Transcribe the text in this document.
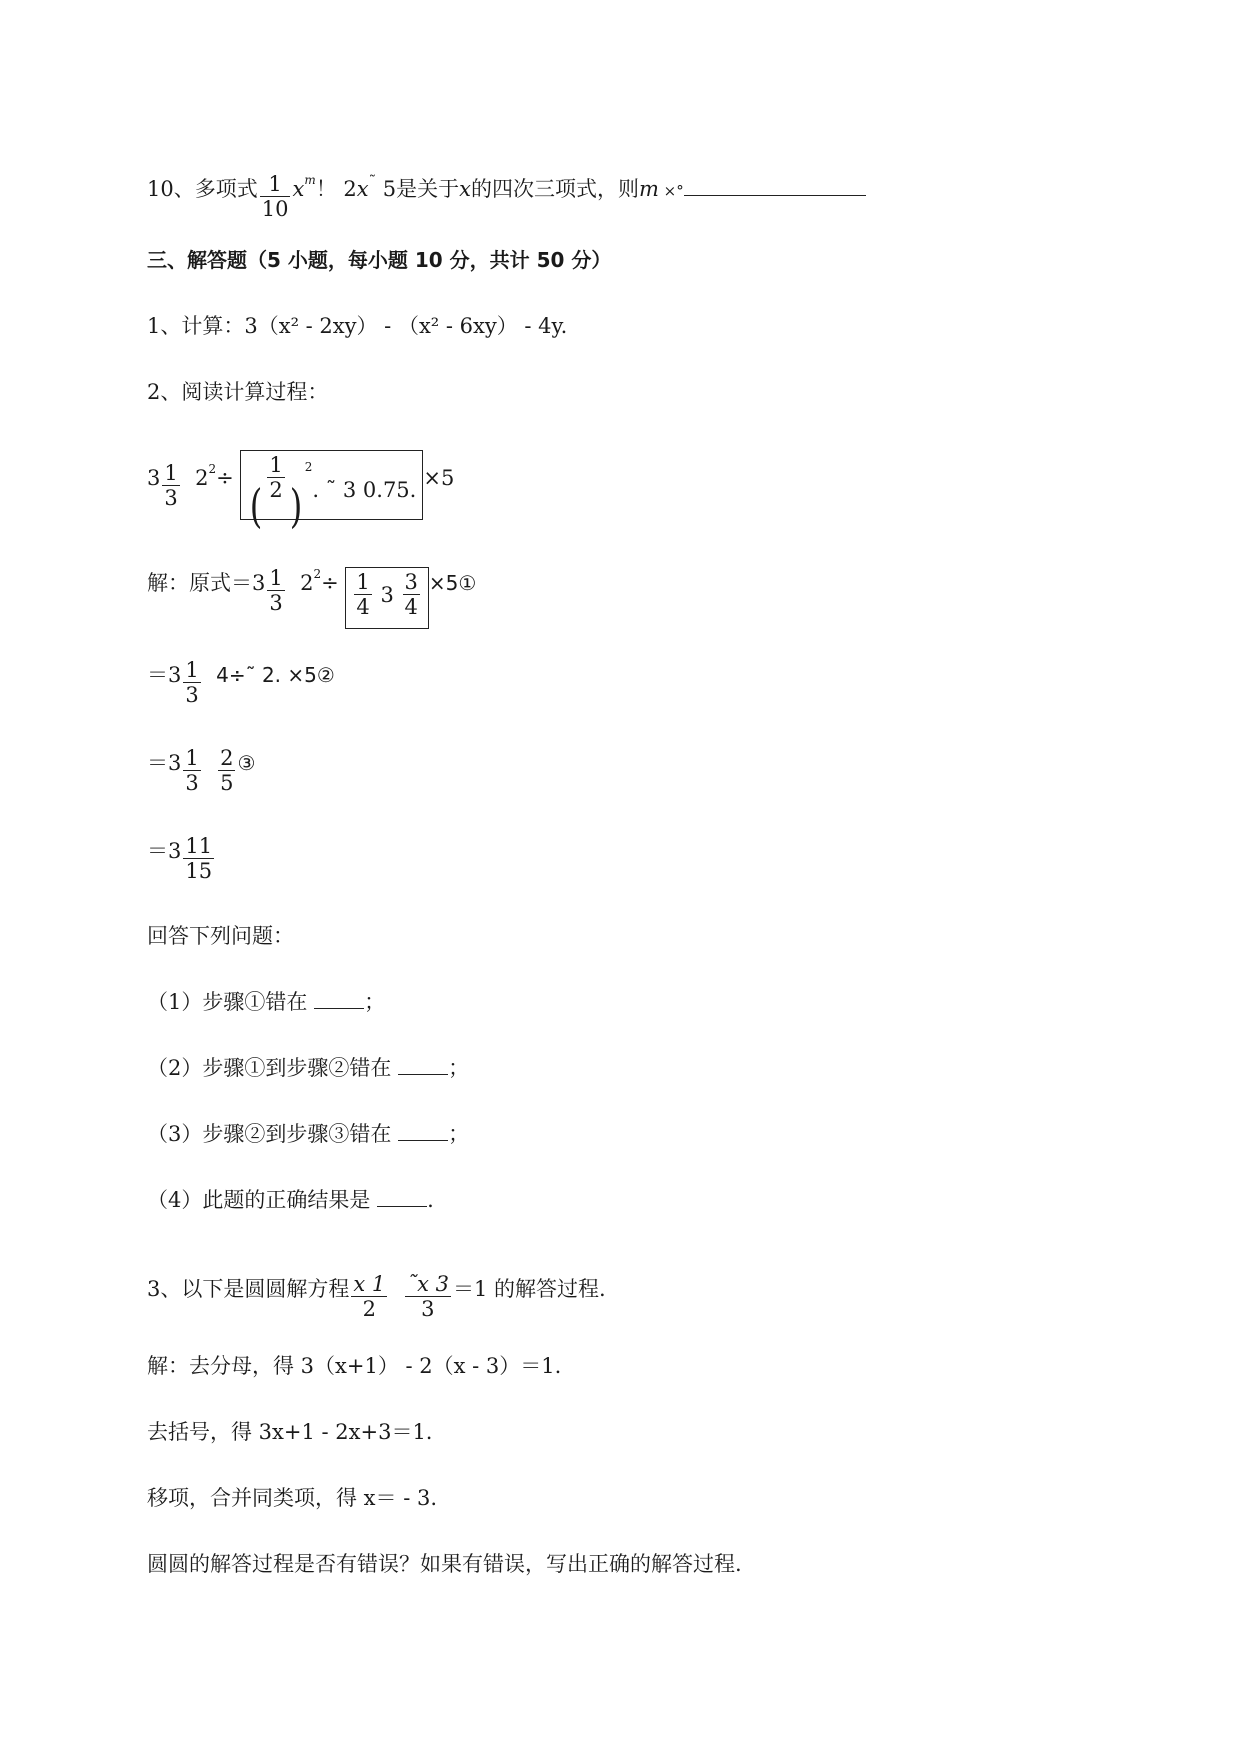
10、多项式 $\frac{1}{10} x^m$！ 2x˜ 5是关于x的四次三项式，则m ×°
三、解答题（5 小题，每小题 10 分，共计 50 分）
1、计算：3（x² - 2xy） - （x² - 6xy） - 4y.
2、阅读计算过程：
$3 \frac{1}{3} 2^2\div$ (
$\frac{1}{2}$
)$^2$. ˜ 3 0.75. ×5
解：原式$=3 \frac{1}{3} 2^2\div \frac{1}{4} 3 \frac{3}{4}$ ×5①
$=3 \frac{1}{3}$ 4÷˜ 2. ×5②
$=3 \frac{1}{3}$
$\frac{2}{5}$ ③
$=3 \frac{11}{15}$
回答下列问题：
（1）步骤①错在	；
（2）步骤①到步骤②错在	；
（3）步骤②到步骤③错在	；
（4）此题的正确结果是	.
3、以下是圆圆解方程 $\frac{x 1}{2}$
$\frac{˜x 3}{3} =1$ 的解答过程.
解：去分母，得 3（x+1） - 2（x - 3）＝1.
去括号，得 3x+1 - 2x+3＝1.
移项，合并同类项，得 x＝ - 3.
圆圆的解答过程是否有错误？如果有错误，写出正确的解答过程.
